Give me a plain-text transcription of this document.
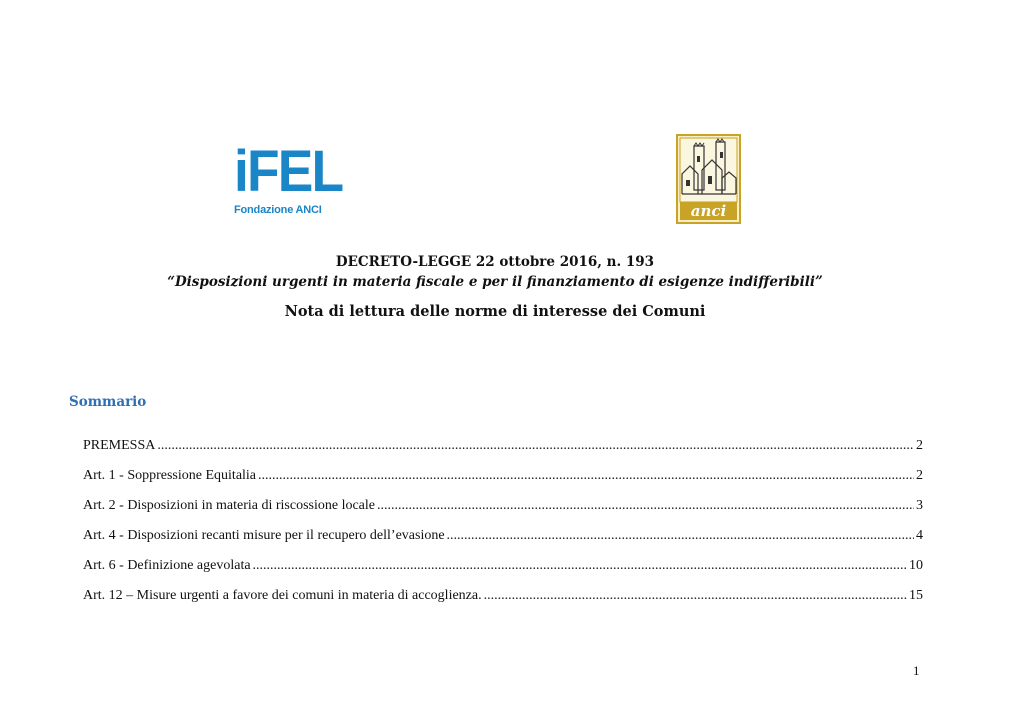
iFEL
Fondazione ANCI	anci
DECRETO-LEGGE 22 ottobre 2016, n. 193
“Disposizioni urgenti in materia fiscale e per il finanziamento di esigenze indifferibili”
Nota di lettura delle norme di interesse dei Comuni
Sommario
PREMESSA .....	2
Art. 1 - Soppressione Equitalia .....	2
Art. 2 - Disposizioni in materia di riscossione locale .....	3
Art. 4 - Disposizioni recanti misure per il recupero dell’evasione .....	4
Art. 6 - Definizione agevolata .....	10
Art. 12 – Misure urgenti a favore dei comuni in materia di accoglienza. .....	15
1
